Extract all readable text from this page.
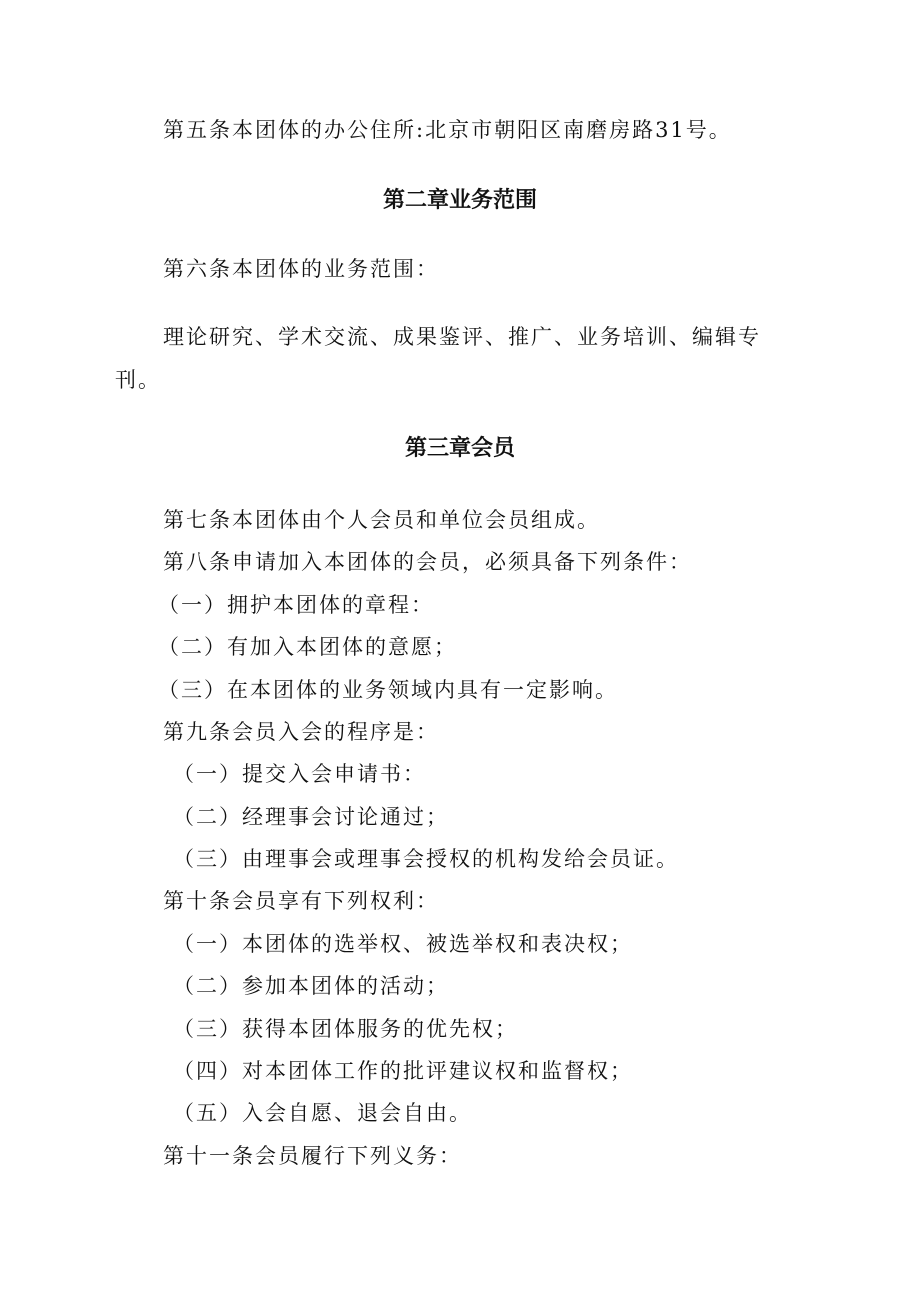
第五条本团体的办公住所:北京市朝阳区南磨房路31号。
第二章业务范围
第六条本团体的业务范围：
理论研究、学术交流、成果鉴评、推广、业务培训、编辑专
刊。
第三章会员
第七条本团体由个人会员和单位会员组成。
第八条申请加入本团体的会员，必须具备下列条件：
（一）拥护本团体的章程：
（二）有加入本团体的意愿；
（三）在本团体的业务领域内具有一定影响。
第九条会员入会的程序是：
（一）提交入会申请书：
（二）经理事会讨论通过；
（三）由理事会或理事会授权的机构发给会员证。
第十条会员享有下列权利：
（一）本团体的选举权、被选举权和表决权；
（二）参加本团体的活动；
（三）获得本团体服务的优先权；
（四）对本团体工作的批评建议权和监督权；
（五）入会自愿、退会自由。
第十一条会员履行下列义务：
